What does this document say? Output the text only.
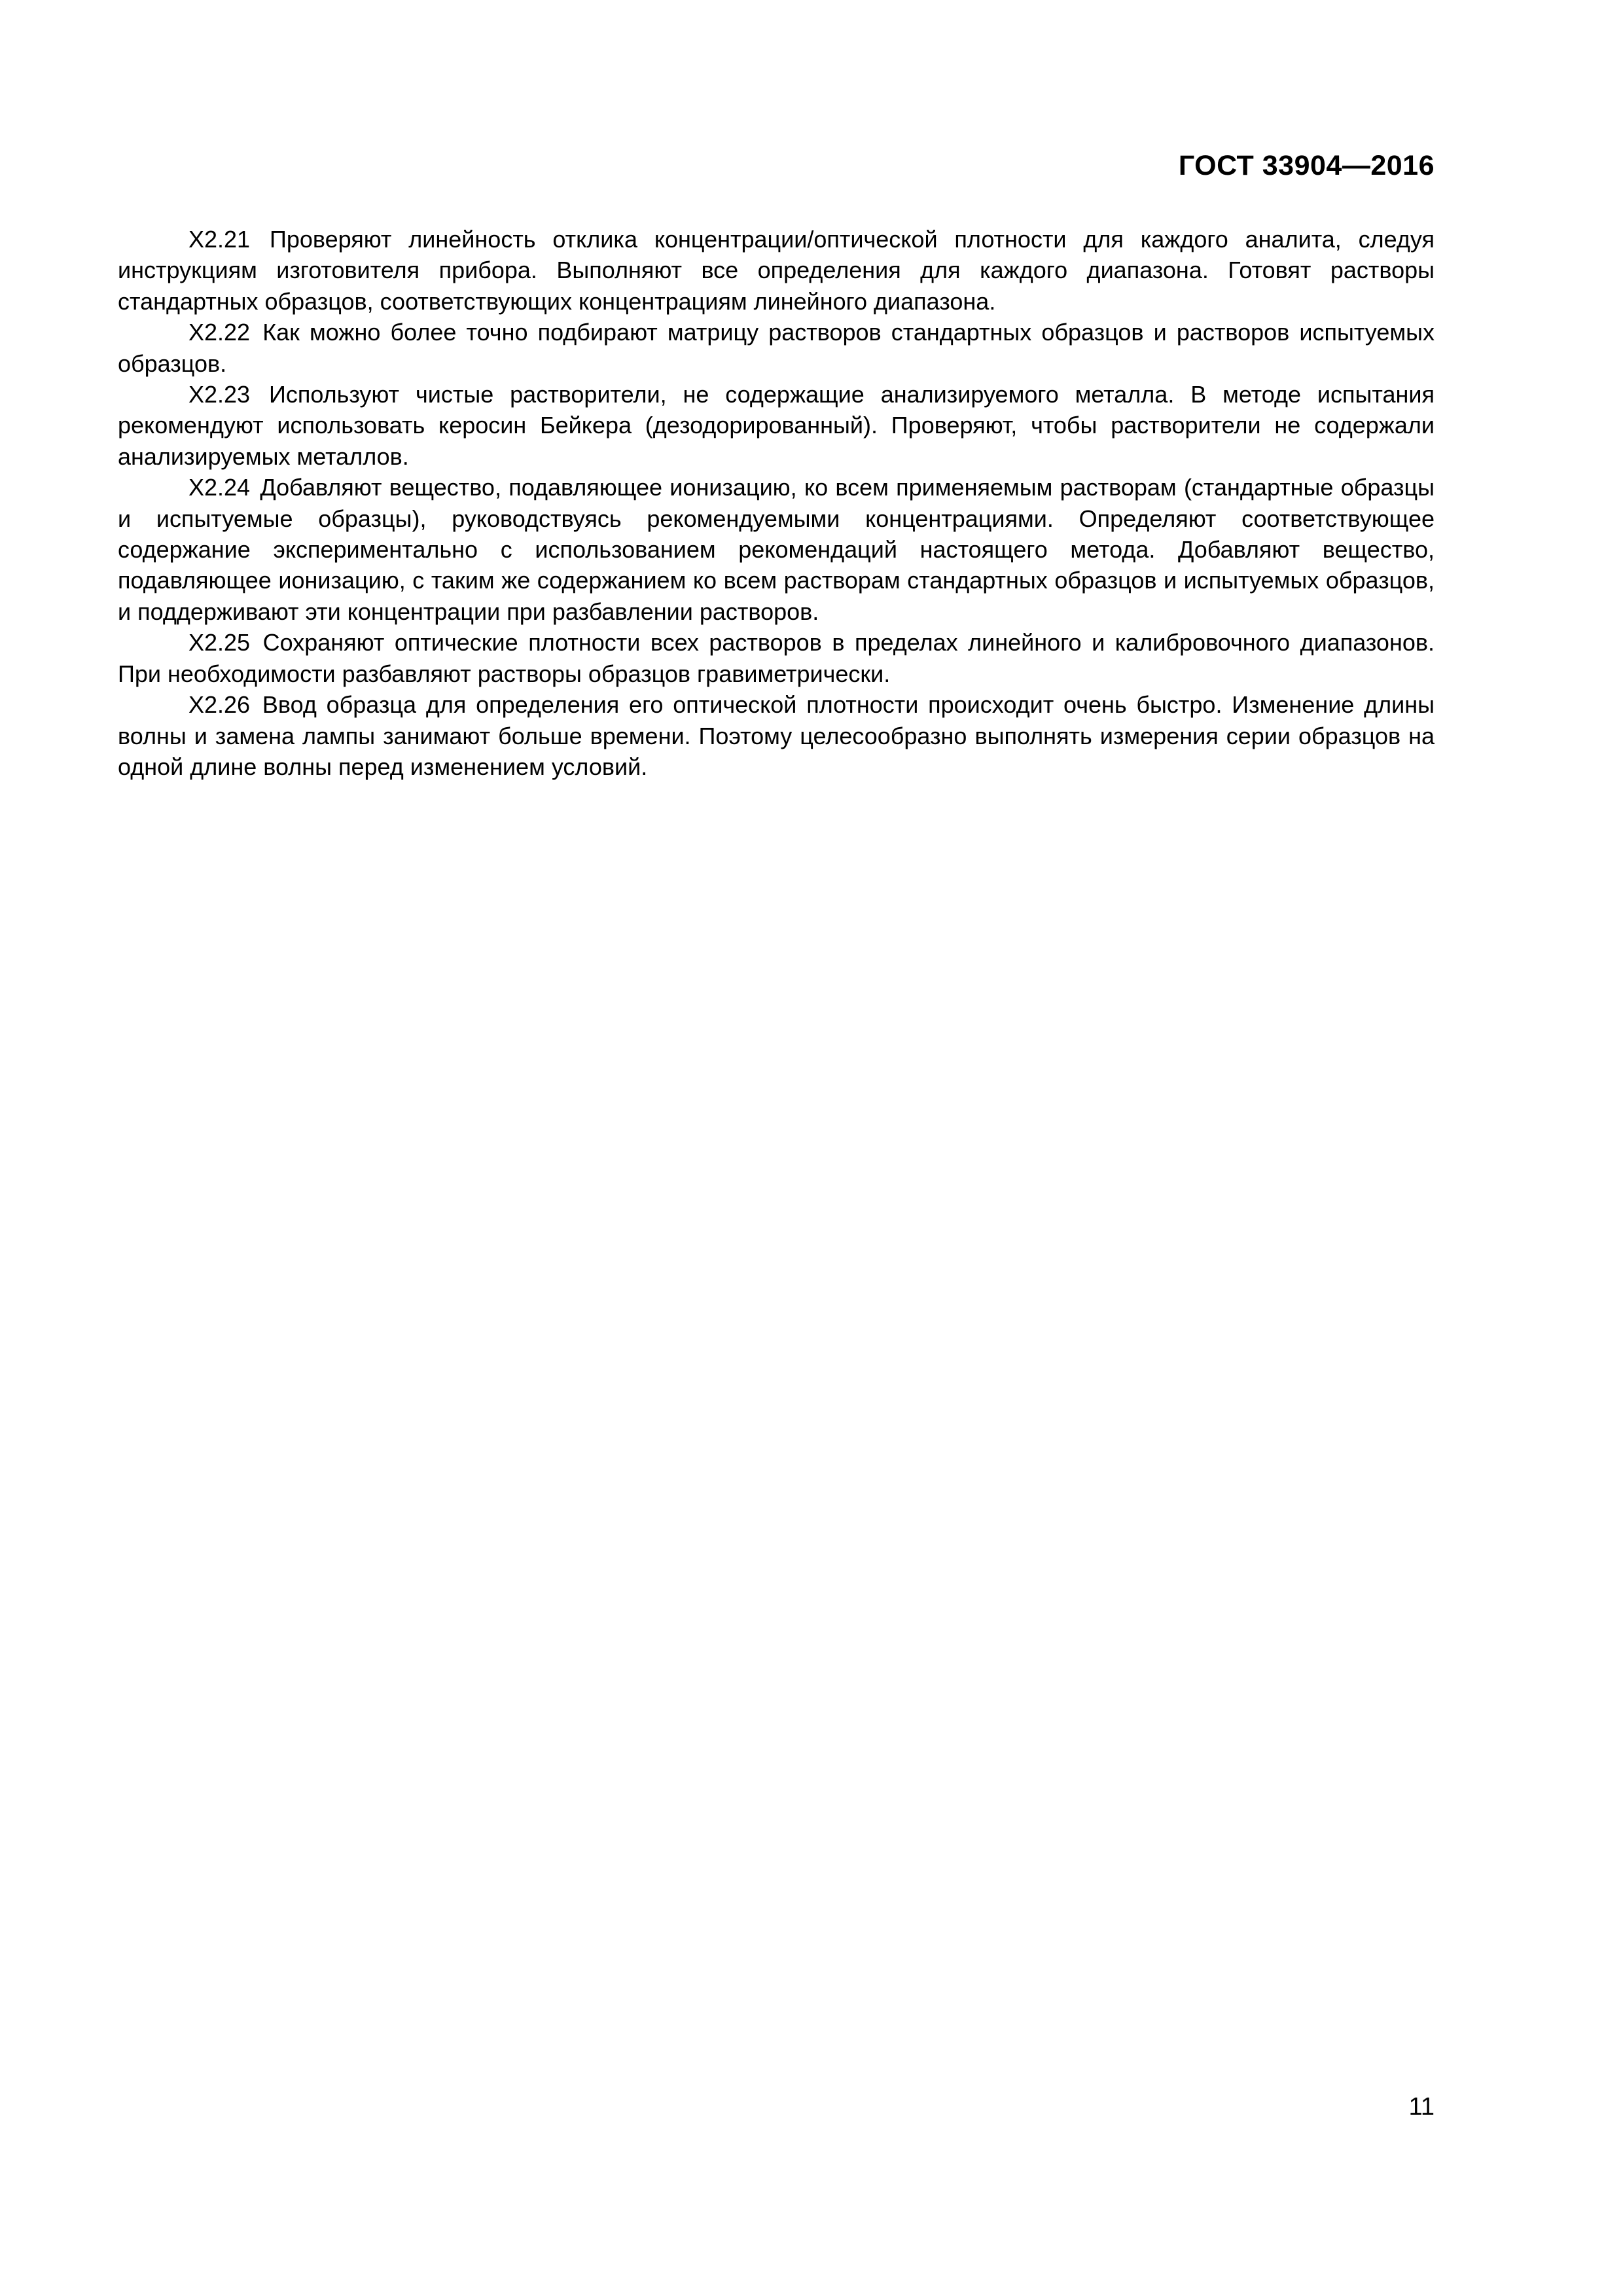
ГОСТ 33904—2016

X2.21 Проверяют линейность отклика концентрации/оптической плотности для каждого аналита, следуя инструкциям изготовителя прибора. Выполняют все определения для каждого диапазона. Готовят растворы стандартных образцов, соответствующих концентрациям линейного диапазона.

X2.22 Как можно более точно подбирают матрицу растворов стандартных образцов и растворов испытуемых образцов.

X2.23 Используют чистые растворители, не содержащие анализируемого металла. В методе испытания рекомендуют использовать керосин Бейкера (дезодорированный). Проверяют, чтобы растворители не содержали анализируемых металлов.

X2.24 Добавляют вещество, подавляющее ионизацию, ко всем применяемым растворам (стандартные образцы и испытуемые образцы), руководствуясь рекомендуемыми концентрациями. Определяют соответствующее содержание экспериментально с использованием рекомендаций настоящего метода. Добавляют вещество, подавляющее ионизацию, с таким же содержанием ко всем растворам стандартных образцов и испытуемых образцов, и поддерживают эти концентрации при разбавлении растворов.

X2.25 Сохраняют оптические плотности всех растворов в пределах линейного и калибровочного диапазонов. При необходимости разбавляют растворы образцов гравиметрически.

X2.26 Ввод образца для определения его оптической плотности происходит очень быстро. Изменение длины волны и замена лампы занимают больше времени. Поэтому целесообразно выполнять измерения серии образцов на одной длине волны перед изменением условий.

11
